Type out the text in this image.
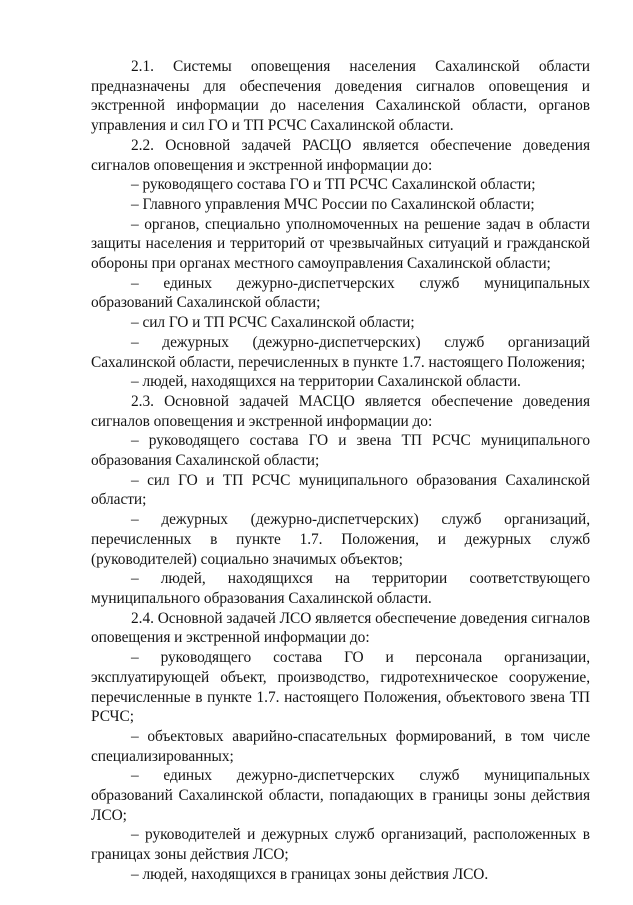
2.1. Системы оповещения населения Сахалинской области предназначены для обеспечения доведения сигналов оповещения и экстренной информации до населения Сахалинской области, органов управления и сил ГО и ТП РСЧС Сахалинской области.

2.2. Основной задачей РАСЦО является обеспечение доведения сигналов оповещения и экстренной информации до:

– руководящего состава ГО и ТП РСЧС Сахалинской области;

– Главного управления МЧС России по Сахалинской области;

– органов, специально уполномоченных на решение задач в области защиты населения и территорий от чрезвычайных ситуаций и гражданской обороны при органах местного самоуправления Сахалинской области;

– единых дежурно-диспетчерских служб муниципальных образований Сахалинской области;

– сил ГО и ТП РСЧС Сахалинской области;

– дежурных (дежурно-диспетчерских) служб организаций Сахалинской области, перечисленных в пункте 1.7. настоящего Положения;

– людей, находящихся на территории Сахалинской области.

2.3. Основной задачей МАСЦО является обеспечение доведения сигналов оповещения и экстренной информации до:

– руководящего состава ГО и звена ТП РСЧС муниципального образования Сахалинской области;

– сил ГО и ТП РСЧС муниципального образования Сахалинской области;

– дежурных (дежурно-диспетчерских) служб организаций, перечисленных в пункте 1.7. Положения, и дежурных служб (руководителей) социально значимых объектов;

– людей, находящихся на территории соответствующего муниципального образования Сахалинской области.

2.4. Основной задачей ЛСО является обеспечение доведения сигналов оповещения и экстренной информации до:

– руководящего состава ГО и персонала организации, эксплуатирующей объект, производство, гидротехническое сооружение, перечисленные в пункте 1.7. настоящего Положения, объектового звена ТП РСЧС;

– объектовых аварийно-спасательных формирований, в том числе специализированных;

– единых дежурно-диспетчерских служб муниципальных образований Сахалинской области, попадающих в границы зоны действия ЛСО;

– руководителей и дежурных служб организаций, расположенных в границах зоны действия ЛСО;

– людей, находящихся в границах зоны действия ЛСО.
